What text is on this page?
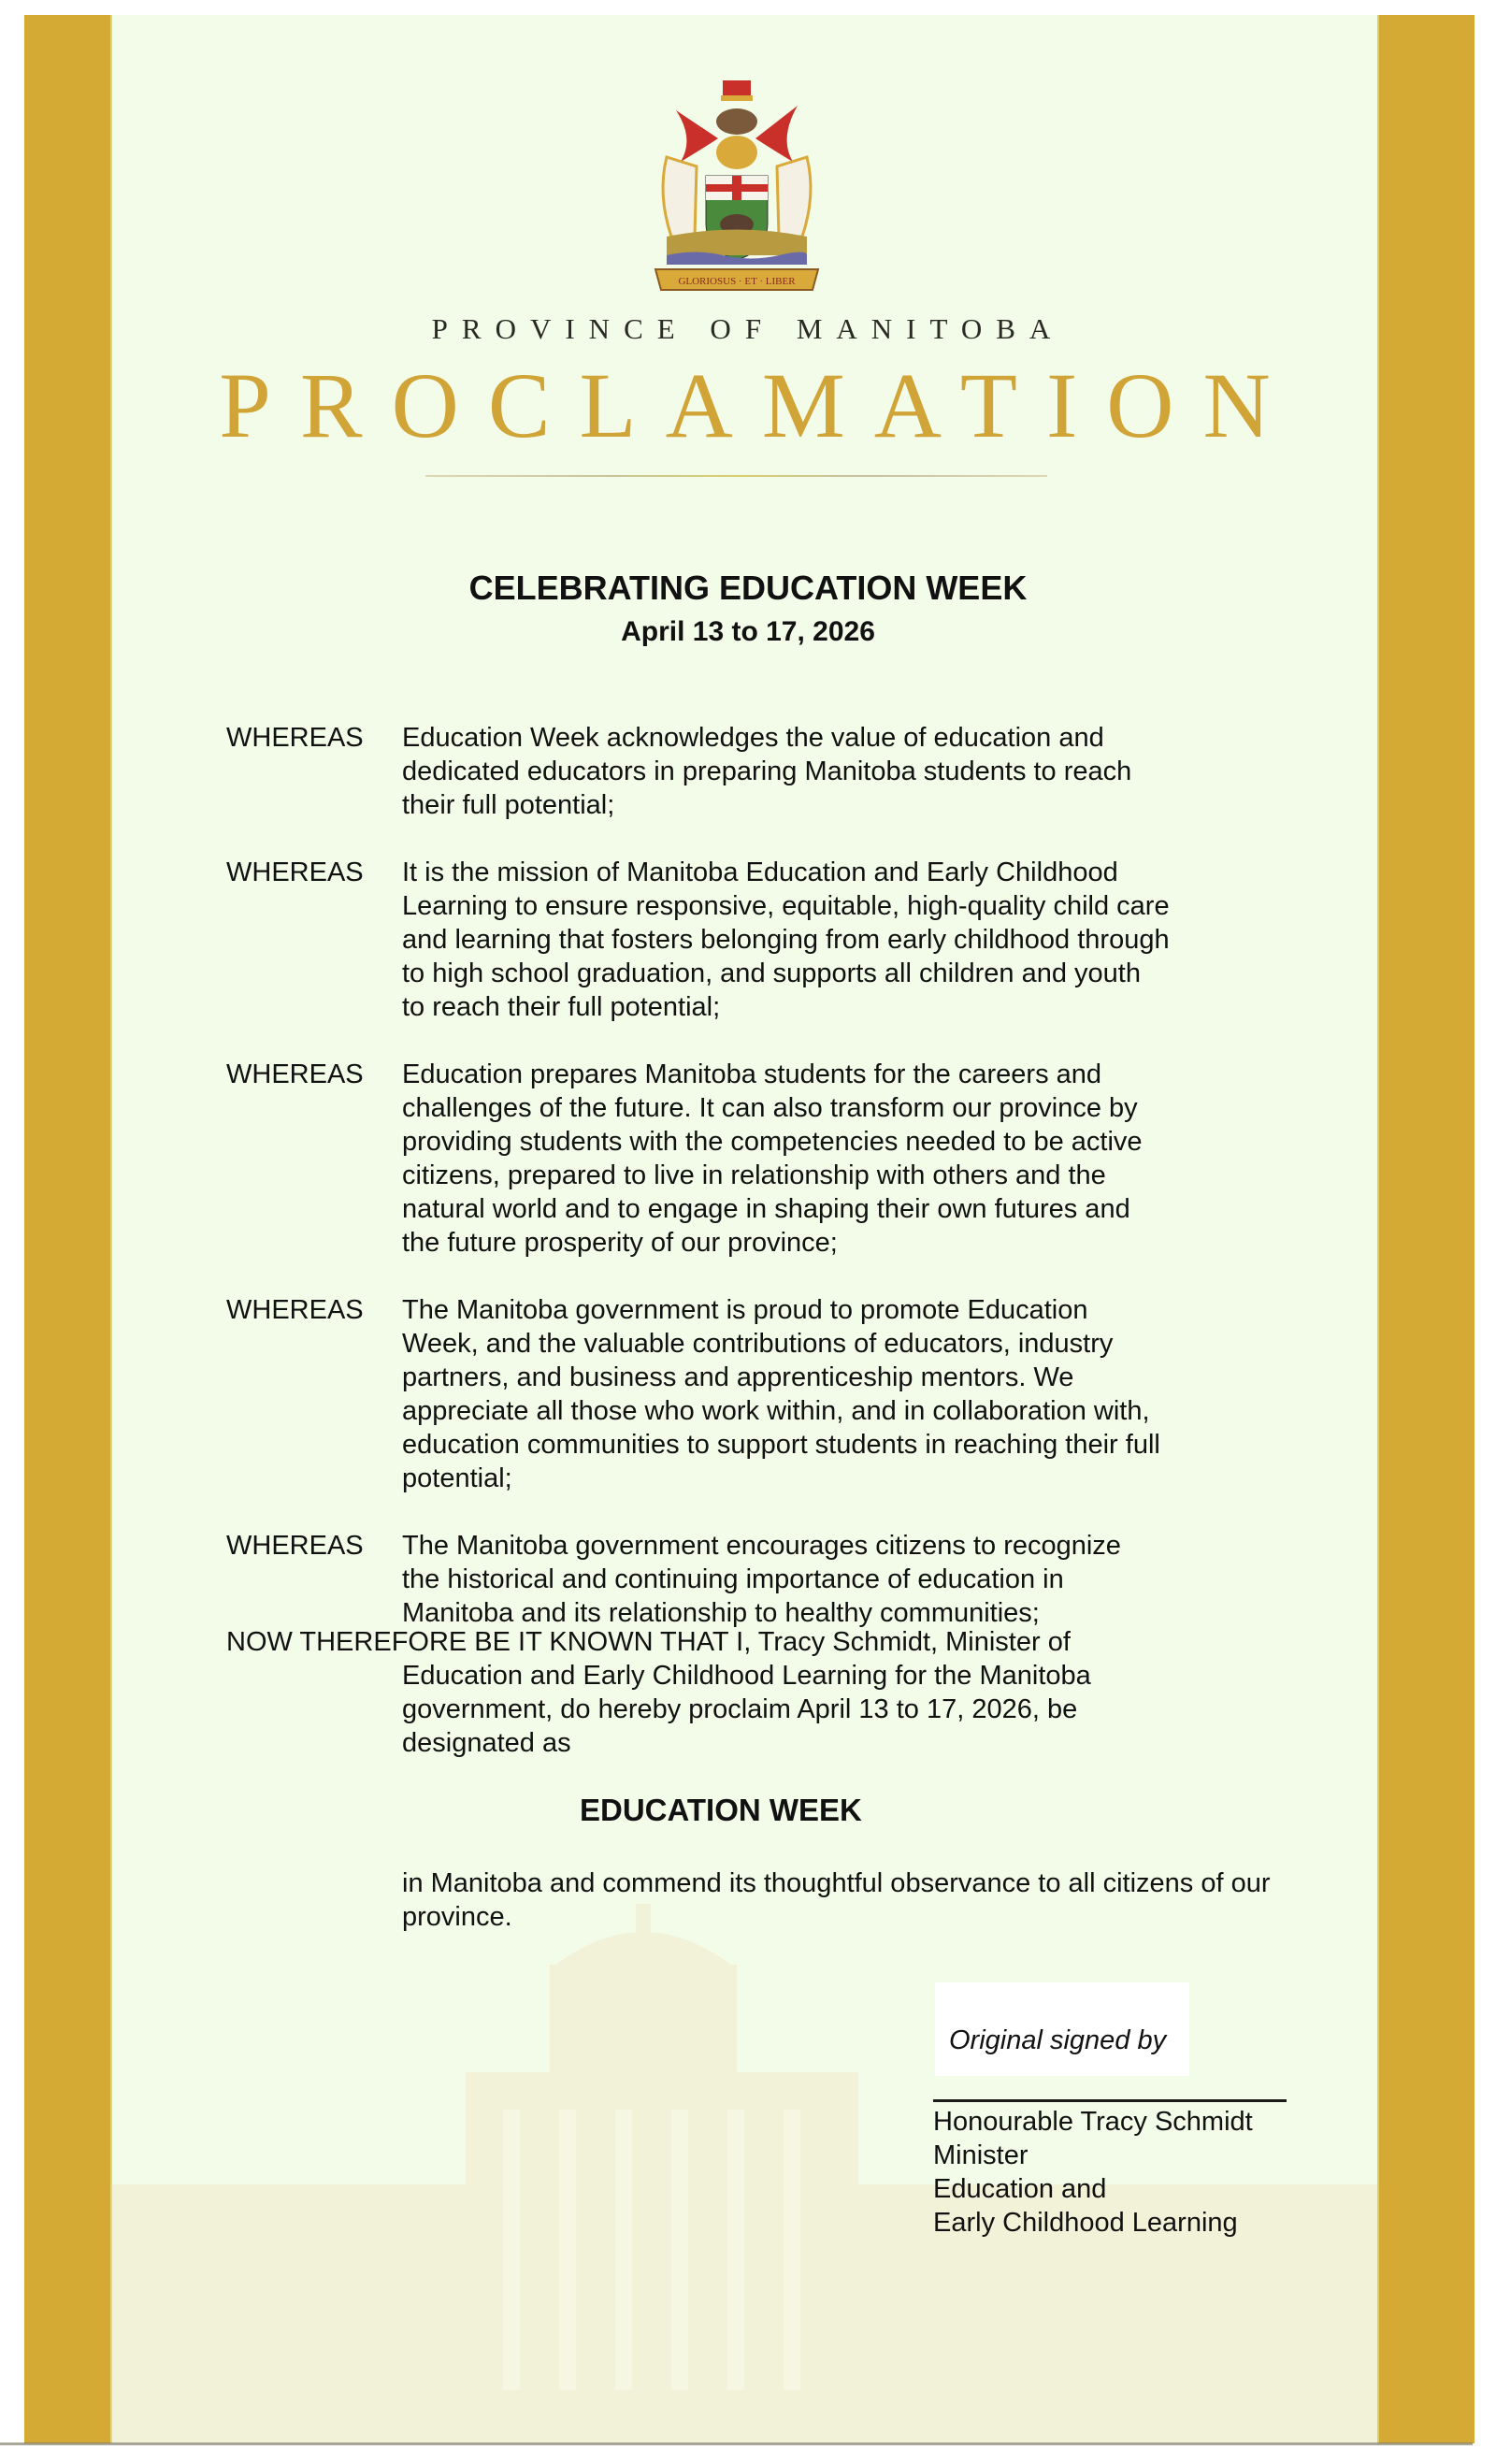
GLORIOSUS · ET · LIBER
PROVINCE OF MANITOBA
PROCLAMATION
CELEBRATING EDUCATION WEEK
April 13 to 17, 2026
WHEREAS	Education Week acknowledges the value of education and dedicated educators in preparing Manitoba students to reach their full potential;
WHEREAS	It is the mission of Manitoba Education and Early Childhood Learning to ensure responsive, equitable, high-quality child care and learning that fosters belonging from early childhood through to high school graduation, and supports all children and youth to reach their full potential;
WHEREAS	Education prepares Manitoba students for the careers and challenges of the future. It can also transform our province by providing students with the competencies needed to be active citizens, prepared to live in relationship with others and the natural world and to engage in shaping their own futures and the future prosperity of our province;
WHEREAS	The Manitoba government is proud to promote Education Week, and the valuable contributions of educators, industry partners, and business and apprenticeship mentors. We appreciate all those who work within, and in collaboration with, education communities to support students in reaching their full potential;
WHEREAS	The Manitoba government encourages citizens to recognize the historical and continuing importance of education in Manitoba and its relationship to healthy communities;
NOW THEREFORE BE IT KNOWN THAT I, Tracy Schmidt, Minister of
Education and Early Childhood Learning for the Manitoba government, do hereby proclaim April 13 to 17, 2026, be designated as
EDUCATION WEEK
in Manitoba and commend its thoughtful observance to all citizens of our province.
Original signed by
Honourable Tracy Schmidt
Minister
Education and
Early Childhood Learning
